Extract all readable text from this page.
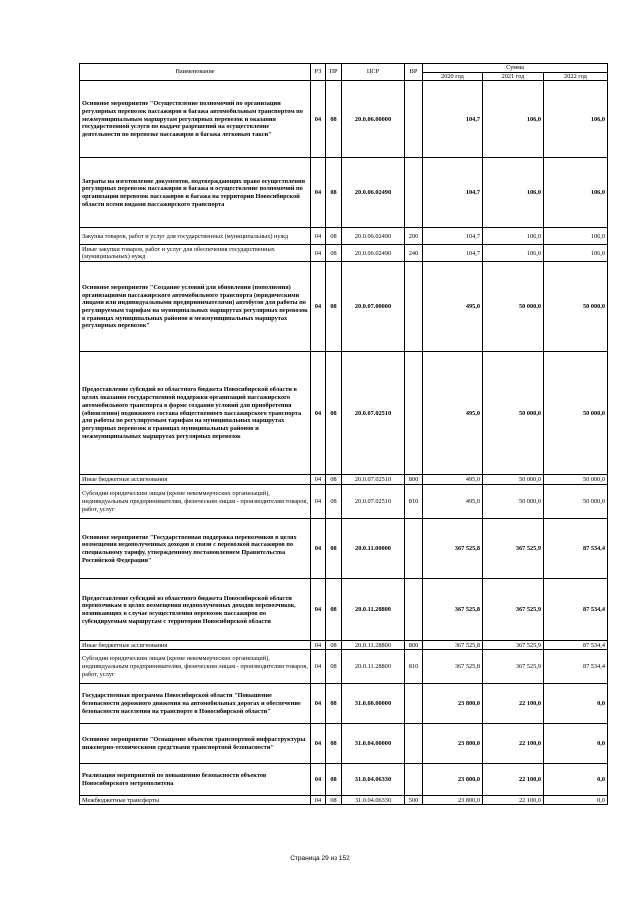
Наименование	РЗ	ПР	ЦСР	ВР	Сумма		
					2020 год	2021 год	2022 год
Основное мероприятие "Осуществление полномочий по организации регулярных перевозок пассажиров и багажа автомобильным транспортом по межмуниципальным маршрутам регулярных перевозок и оказания государственной услуги по выдаче разрешений на осуществление деятельности по перевозке пассажиров и багажа легковым такси"	04	08	20.0.06.00000		104,7	106,0	106,0
Затраты на изготовление документов, подтверждающих право осуществления регулярных перевозок пассажиров и багажа и осуществление полномочий по организации перевозок пассажиров и багажа на территории Новосибирской области всеми видами пассажирского транспорта	04	08	20.0.06.02490		104,7	106,0	106,0
Закупка товаров, работ и услуг для государственных (муниципальных) нужд	04	08	20.0.06.02490	200	104,7	106,0	106,0
Иные закупки товаров, работ и услуг для обеспечения государственных (муниципальных) нужд	04	08	20.0.06.02490	240	104,7	106,0	106,0
Основное мероприятие "Создание условий для обновления (пополнения) организациями пассажирского автомобильного транспорта (юридическими лицами или индивидуальными предпринимателями) автобусов для работы по регулируемым тарифам на муниципальных маршрутах регулярных перевозок в границах муниципальных районов и межмуниципальных маршрутах регулярных перевозок"	04	08	20.0.07.00000		495,0	50 000,0	50 000,0
Предоставление субсидий из областного бюджета Новосибирской области в целях оказания государственной поддержки организаций пассажирского автомобильного транспорта в форме создания условий для приобретения (обновления) подвижного состава общественного пассажирского транспорта для работы по регулируемым тарифам на муниципальных маршрутах регулярных перевозок в границах муниципальных районов и межмуниципальных маршрутах регулярных перевозок	04	08	20.0.07.02510		495,0	50 000,0	50 000,0
Иные бюджетные ассигнования	04	08	20.0.07.02510	800	495,0	50 000,0	50 000,0
Субсидии юридическим лицам (кроме некоммерческих организаций), индивидуальным предпринимателям, физическим лицам - производителям товаров, работ, услуг	04	08	20.0.07.02510	810	495,0	50 000,0	50 000,0
Основное мероприятие "Государственная поддержка перевозчиков в целях возмещения недополученных доходов в связи с перевозкой пассажиров по специальному тарифу, утвержденному постановлением Правительства Российской Федерации"	04	08	20.0.11.00000		367 525,8	367 525,9	87 534,4
Предоставление субсидий из областного бюджета Новосибирской области перевозчикам в целях возмещения недополученных доходов перевозчиков, возникающих в случае осуществления перевозок пассажиров по субсидируемым маршрутам с территории Новосибирской области	04	08	20.0.11.28800		367 525,8	367 525,9	87 534,4
Иные бюджетные ассигнования	04	08	20.0.11.28800	800	367 525,8	367 525,9	87 534,4
Субсидии юридическим лицам (кроме некоммерческих организаций), индивидуальным предпринимателям, физическим лицам - производителям товаров, работ, услуг	04	08	20.0.11.28800	810	367 525,8	367 525,9	87 534,4
Государственная программа Новосибирской области "Повышение безопасности дорожного движения на автомобильных дорогах и обеспечение безопасности населения на транспорте в Новосибирской области"	04	08	31.0.00.00000		23 800,0	22 100,0	0,0
Основное мероприятие "Оснащение объектов транспортной инфраструктуры инженерно-техническими средствами транспортной безопасности"	04	08	31.0.04.00000		23 800,0	22 100,0	0,0
Реализация мероприятий по повышению безопасности объектов Новосибирского метрополитена	04	08	31.0.04.06330		23 800,0	22 100,0	0,0
Межбюджетные трансферты	04	08	31.0.04.06330	500	23 800,0	22 100,0	0,0
Страница 29 из 152
